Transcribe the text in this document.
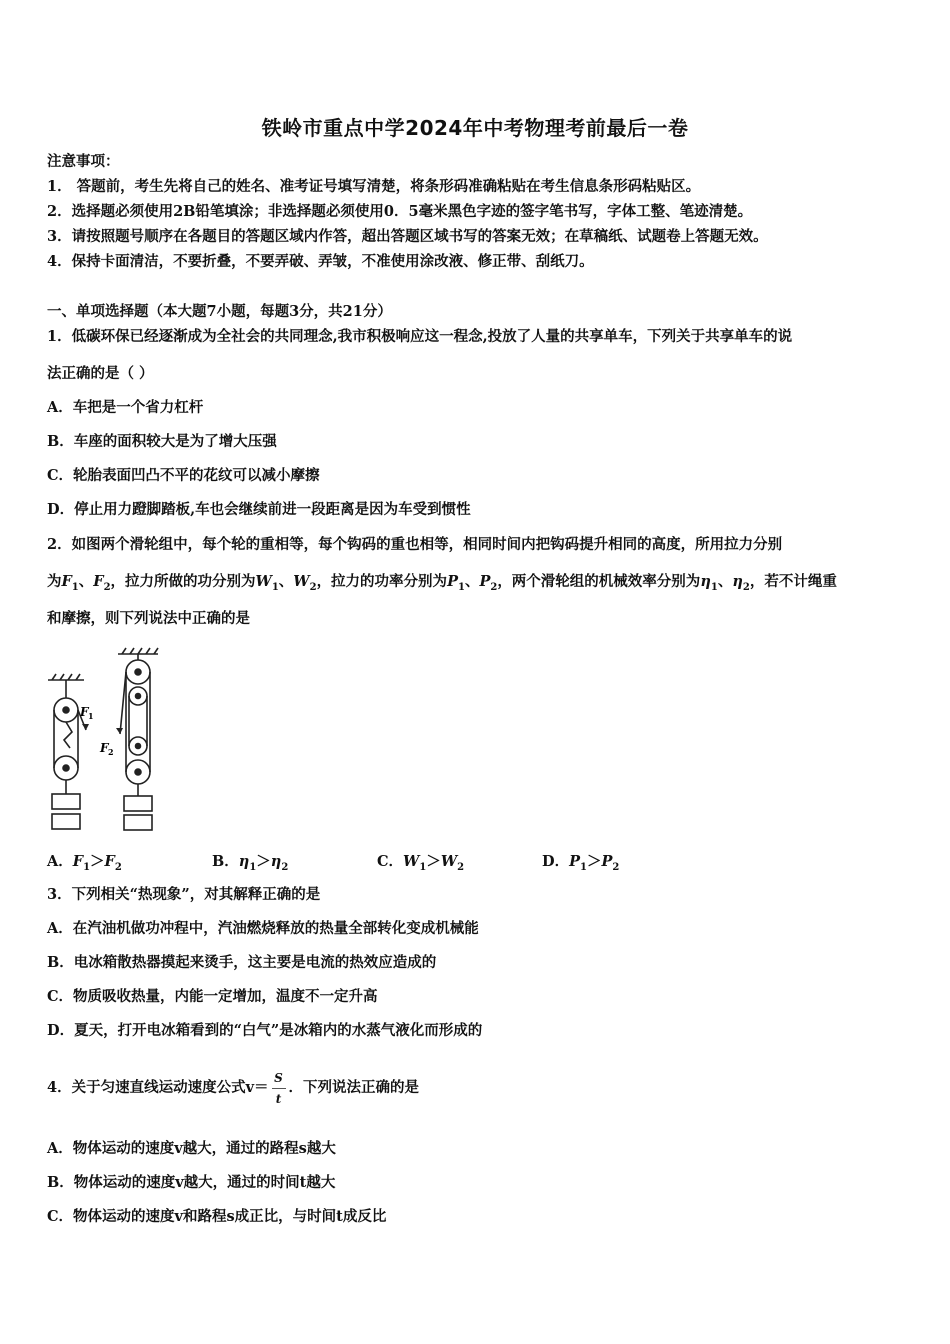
铁岭市重点中学2024年中考物理考前最后一卷
注意事项：
1． 答题前，考生先将自己的姓名、准考证号填写清楚，将条形码准确粘贴在考生信息条形码粘贴区。
2．选择题必须使用2B铅笔填涂；非选择题必须使用0．5毫米黑色字迹的签字笔书写，字体工整、笔迹清楚。
3．请按照题号顺序在各题目的答题区域内作答，超出答题区域书写的答案无效；在草稿纸、试题卷上答题无效。
4．保持卡面清洁，不要折叠，不要弄破、弄皱，不准使用涂改液、修正带、刮纸刀。
一、单项选择题（本大题7小题，每题3分，共21分）
1．低碳环保已经逐渐成为全社会的共同理念,我市积极响应这一程念,投放了人量的共享单车，下列关于共享单车的说
法正确的是（ ）
A．车把是一个省力杠杆
B．车座的面积较大是为了增大压强
C．轮胎表面凹凸不平的花纹可以减小摩擦
D．停止用力蹬脚踏板,车也会继续前进一段距离是因为车受到惯性
2．如图两个滑轮组中，每个轮的重相等，每个钩码的重也相等，相同时间内把钩码提升相同的高度，所用拉力分别
为$F_1$、$F_2$，拉力所做的功分别为$W_1$、$W_2$，拉力的功率分别为$P_1$、$P_2$，两个滑轮组的机械效率分别为$\eta_1$、$\eta_2$，若不计绳重
和摩擦，则下列说法中正确的是
F 1
F 2
A．$F_1>F_2$	B．$\eta_1>\eta_2$	C．$W_1>W_2$	D．$P_1>P_2$
3．下列相关“热现象”，对其解释正确的是
A．在汽油机做功冲程中，汽油燃烧释放的热量全部转化变成机械能
B．电冰箱散热器摸起来烫手，这主要是电流的热效应造成的
C．物质吸收热量，内能一定增加，温度不一定升高
D．夏天，打开电冰箱看到的“白气”是冰箱内的水蒸气液化而形成的
4．关于匀速直线运动速度公式$v= \frac{S}{t}$ ．下列说法正确的是
A．物体运动的速度v越大，通过的路程s越大
B．物体运动的速度v越大，通过的时间t越大
C．物体运动的速度v和路程s成正比，与时间t成反比
